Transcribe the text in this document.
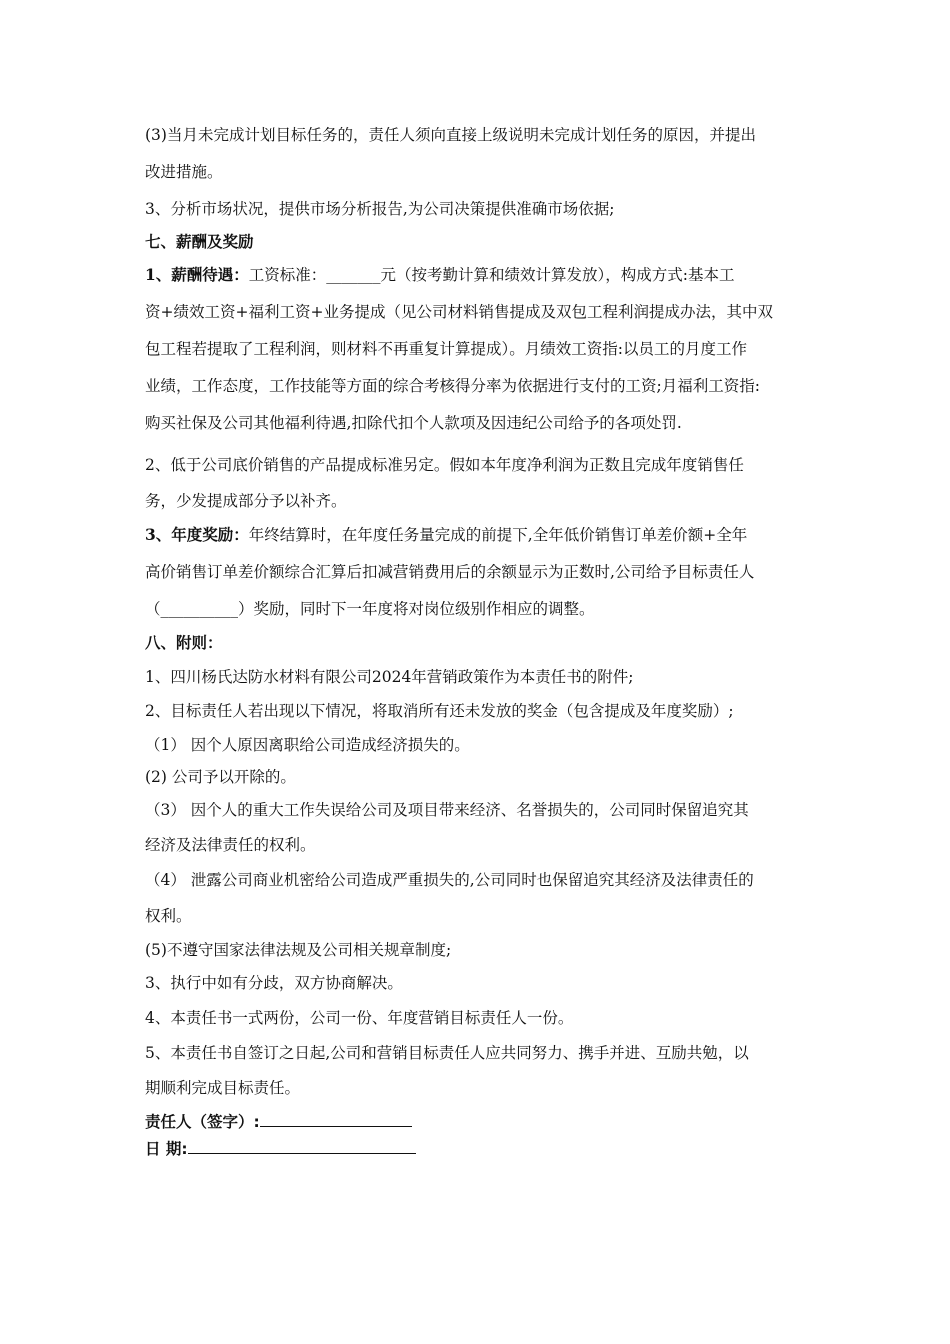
(3)当月未完成计划目标任务的，责任人须向直接上级说明未完成计划任务的原因，并提出
改进措施。
3、分析市场状况，提供市场分析报告,为公司决策提供准确市场依据;
七、薪酬及奖励
1、薪酬待遇：工资标准：_______元（按考勤计算和绩效计算发放），构成方式:基本工
资+绩效工资+福利工资+业务提成（见公司材料销售提成及双包工程利润提成办法，其中双
包工程若提取了工程利润，则材料不再重复计算提成）。月绩效工资指:以员工的月度工作
业绩，工作态度，工作技能等方面的综合考核得分率为依据进行支付的工资;月福利工资指:
购买社保及公司其他福利待遇,扣除代扣个人款项及因违纪公司给予的各项处罚.
2、低于公司底价销售的产品提成标准另定。假如本年度净利润为正数且完成年度销售任
务，少发提成部分予以补齐。
3、年度奖励：年终结算时，在年度任务量完成的前提下,全年低价销售订单差价额+全年
高价销售订单差价额综合汇算后扣减营销费用后的余额显示为正数时,公司给予目标责任人
（__________）奖励，同时下一年度将对岗位级别作相应的调整。
八、附则：
1、四川杨氏达防水材料有限公司2024年营销政策作为本责任书的附件;
2、目标责任人若出现以下情况，将取消所有还未发放的奖金（包含提成及年度奖励）;
（1） 因个人原因离职给公司造成经济损失的。
(2) 公司予以开除的。
（3） 因个人的重大工作失误给公司及项目带来经济、名誉损失的，公司同时保留追究其
经济及法律责任的权利。
（4） 泄露公司商业机密给公司造成严重损失的,公司同时也保留追究其经济及法律责任的
权利。
(5)不遵守国家法律法规及公司相关规章制度;
3、执行中如有分歧，双方协商解决。
4、本责任书一式两份，公司一份、年度营销目标责任人一份。
5、本责任书自签订之日起,公司和营销目标责任人应共同努力、携手并进、互励共勉，以
期顺利完成目标责任。
责任人（签字）:
日 期:
